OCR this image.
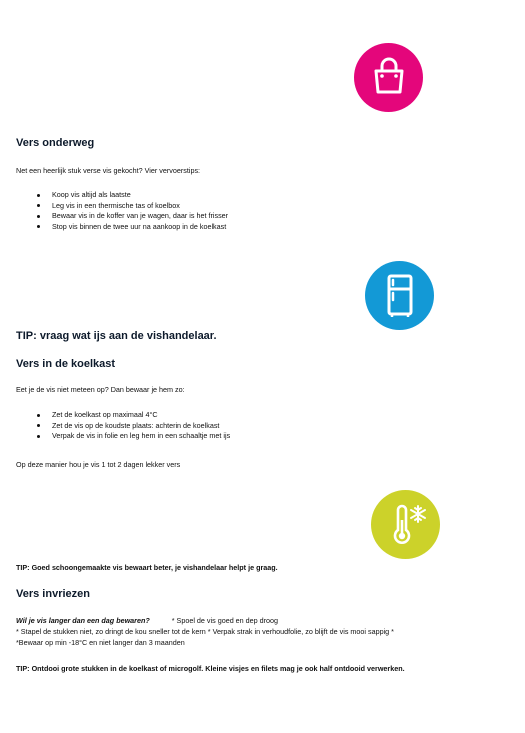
Vers onderweg
Net een heerlijk stuk verse vis gekocht? Vier vervoerstips:
Koop vis altijd als laatste
Leg vis in een thermische tas of koelbox
Bewaar vis in de koffer van je wagen, daar is het frisser
Stop vis binnen de twee uur na aankoop in de koelkast
TIP: vraag wat ijs aan de vishandelaar.
Vers in de koelkast
Eet je de vis niet meteen op? Dan bewaar je hem zo:
Zet de koelkast op maximaal 4°C
Zet de vis op de koudste plaats: achterin de koelkast
Verpak de vis in folie en leg hem in een schaaltje met ijs
Op deze manier hou je vis 1 tot 2 dagen lekker vers
TIP: Goed schoongemaakte vis bewaart beter, je vishandelaar helpt je graag.
Vers invriezen
Wil je vis langer dan een dag bewaren?	* Spoel de vis goed en dep droog
* Stapel de stukken niet, zo dringt de kou sneller tot de kern * Verpak strak in verhoudfolie, zo blijft de vis mooi sappig *
*Bewaar op min -18°C en niet langer dan 3 maanden
TIP: Ontdooi grote stukken in de koelkast of microgolf. Kleine visjes en filets mag je ook half ontdooid verwerken.
